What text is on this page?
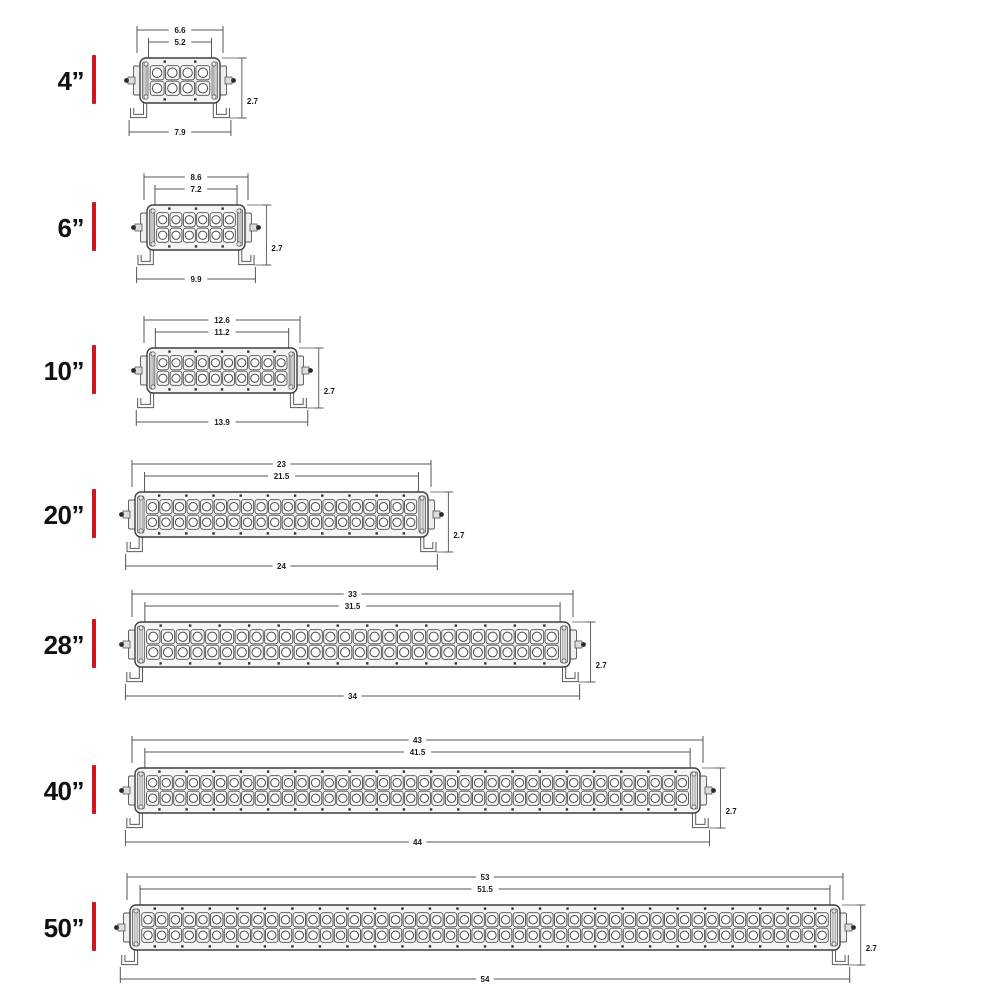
4”
6.6
5.2
7.9
2.7
6”
8.6
7.2
9.9
2.7
10”
12.6
11.2
13.9
2.7
20”
23
21.5
24
2.7
28”
33
31.5
34
2.7
40”
43
41.5
44
2.7
50”
53
51.5
54
2.7
